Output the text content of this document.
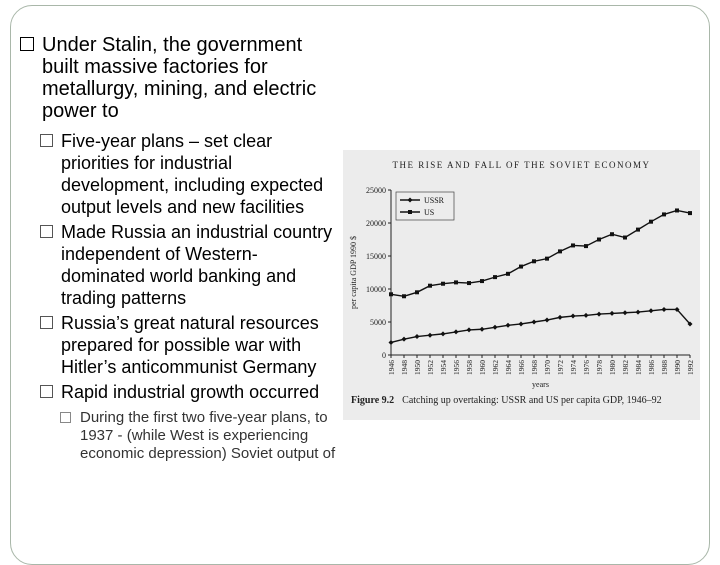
Under Stalin, the government built massive factories for metallurgy, mining, and electric power to
Five-year plans – set clear priorities for industrial development, including expected output levels and new facilities
Made Russia an industrial country independent of Western-dominated world banking and trading patterns
Russia’s great natural resources prepared for possible war with Hitler’s anticommunist Germany
Rapid industrial growth occurred
During the first two five-year plans, to 1937 - (while West is experiencing economic depression) Soviet output of
THE RISE AND FALL OF THE SOVIET ECONOMY
0
5000
10000
15000
20000
25000
1946 1948 1950 1952 1954 1956 1958 1960 1962 1964 1966 1968 1970 1972 1974 1976 1978 1980 1982 1984 1986 1988 1990 1992
per capita GDP 1990 $
years
USSR
US
Figure 9.2 Catching up overtaking: USSR and US per capita GDP, 1946–92
